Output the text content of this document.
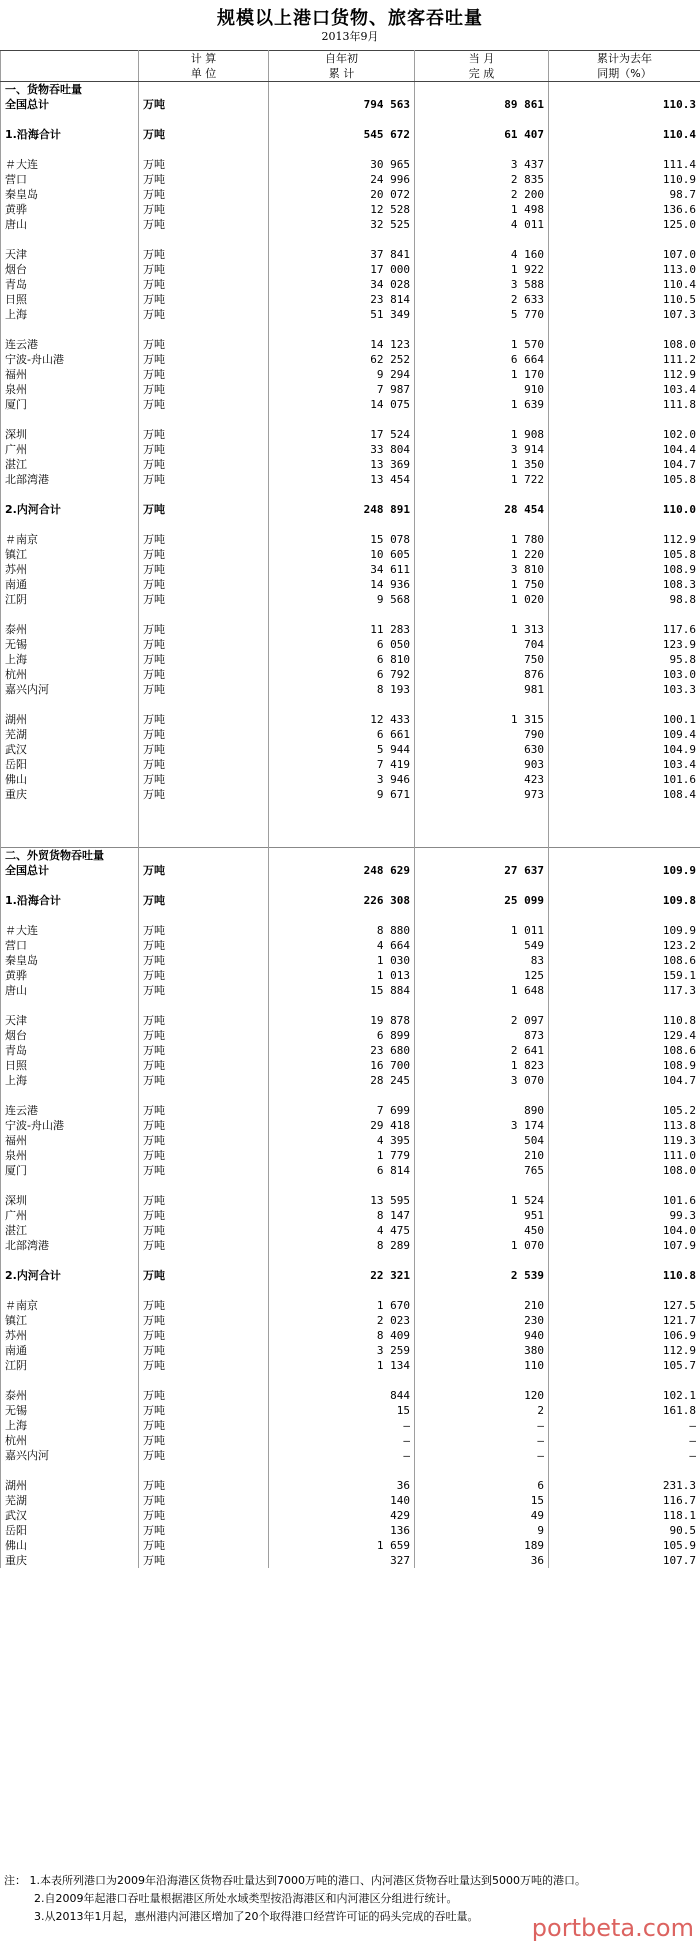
规模以上港口货物、旅客吞吐量
2013年9月
	计 算	自年初	当 月	累计为去年
	单 位	累 计	完 成	同期（%）
一、货物吞吐量				
全国总计	万吨	794 563	89 861	110.3

1.沿海合计	万吨	545 672	61 407	110.4

＃大连	万吨	30 965	3 437	111.4
营口	万吨	24 996	2 835	110.9
秦皇岛	万吨	20 072	2 200	98.7
黄骅	万吨	12 528	1 498	136.6
唐山	万吨	32 525	4 011	125.0

天津	万吨	37 841	4 160	107.0
烟台	万吨	17 000	1 922	113.0
青岛	万吨	34 028	3 588	110.4
日照	万吨	23 814	2 633	110.5
上海	万吨	51 349	5 770	107.3

连云港	万吨	14 123	1 570	108.0
宁波-舟山港	万吨	62 252	6 664	111.2
福州	万吨	9 294	1 170	112.9
泉州	万吨	7 987	910	103.4
厦门	万吨	14 075	1 639	111.8

深圳	万吨	17 524	1 908	102.0
广州	万吨	33 804	3 914	104.4
湛江	万吨	13 369	1 350	104.7
北部湾港	万吨	13 454	1 722	105.8

2.内河合计	万吨	248 891	28 454	110.0

＃南京	万吨	15 078	1 780	112.9
镇江	万吨	10 605	1 220	105.8
苏州	万吨	34 611	3 810	108.9
南通	万吨	14 936	1 750	108.3
江阴	万吨	9 568	1 020	98.8

泰州	万吨	11 283	1 313	117.6
无锡	万吨	6 050	704	123.9
上海	万吨	6 810	750	95.8
杭州	万吨	6 792	876	103.0
嘉兴内河	万吨	8 193	981	103.3

湖州	万吨	12 433	1 315	100.1
芜湖	万吨	6 661	790	109.4
武汉	万吨	5 944	630	104.9
岳阳	万吨	7 419	903	103.4
佛山	万吨	3 946	423	101.6
重庆	万吨	9 671	973	108.4

二、外贸货物吞吐量				
全国总计	万吨	248 629	27 637	109.9

1.沿海合计	万吨	226 308	25 099	109.8

＃大连	万吨	8 880	1 011	109.9
营口	万吨	4 664	549	123.2
秦皇岛	万吨	1 030	83	108.6
黄骅	万吨	1 013	125	159.1
唐山	万吨	15 884	1 648	117.3

天津	万吨	19 878	2 097	110.8
烟台	万吨	6 899	873	129.4
青岛	万吨	23 680	2 641	108.6
日照	万吨	16 700	1 823	108.9
上海	万吨	28 245	3 070	104.7

连云港	万吨	7 699	890	105.2
宁波-舟山港	万吨	29 418	3 174	113.8
福州	万吨	4 395	504	119.3
泉州	万吨	1 779	210	111.0
厦门	万吨	6 814	765	108.0

深圳	万吨	13 595	1 524	101.6
广州	万吨	8 147	951	99.3
湛江	万吨	4 475	450	104.0
北部湾港	万吨	8 289	1 070	107.9

2.内河合计	万吨	22 321	2 539	110.8

＃南京	万吨	1 670	210	127.5
镇江	万吨	2 023	230	121.7
苏州	万吨	8 409	940	106.9
南通	万吨	3 259	380	112.9
江阴	万吨	1 134	110	105.7

泰州	万吨	844	120	102.1
无锡	万吨	15	2	161.8
上海	万吨	–	–	–
杭州	万吨	–	–	–
嘉兴内河	万吨	–	–	–

湖州	万吨	36	6	231.3
芜湖	万吨	140	15	116.7
武汉	万吨	429	49	118.1
岳阳	万吨	136	9	90.5
佛山	万吨	1 659	189	105.9
重庆	万吨	327	36	107.7
注： 1.本表所列港口为2009年沿海港区货物吞吐量达到7000万吨的港口、内河港区货物吞吐量达到5000万吨的港口。
2.自2009年起港口吞吐量根据港区所处水域类型按沿海港区和内河港区分组进行统计。
3.从2013年1月起，惠州港内河港区增加了20个取得港口经营许可证的码头完成的吞吐量。	portbeta.com
